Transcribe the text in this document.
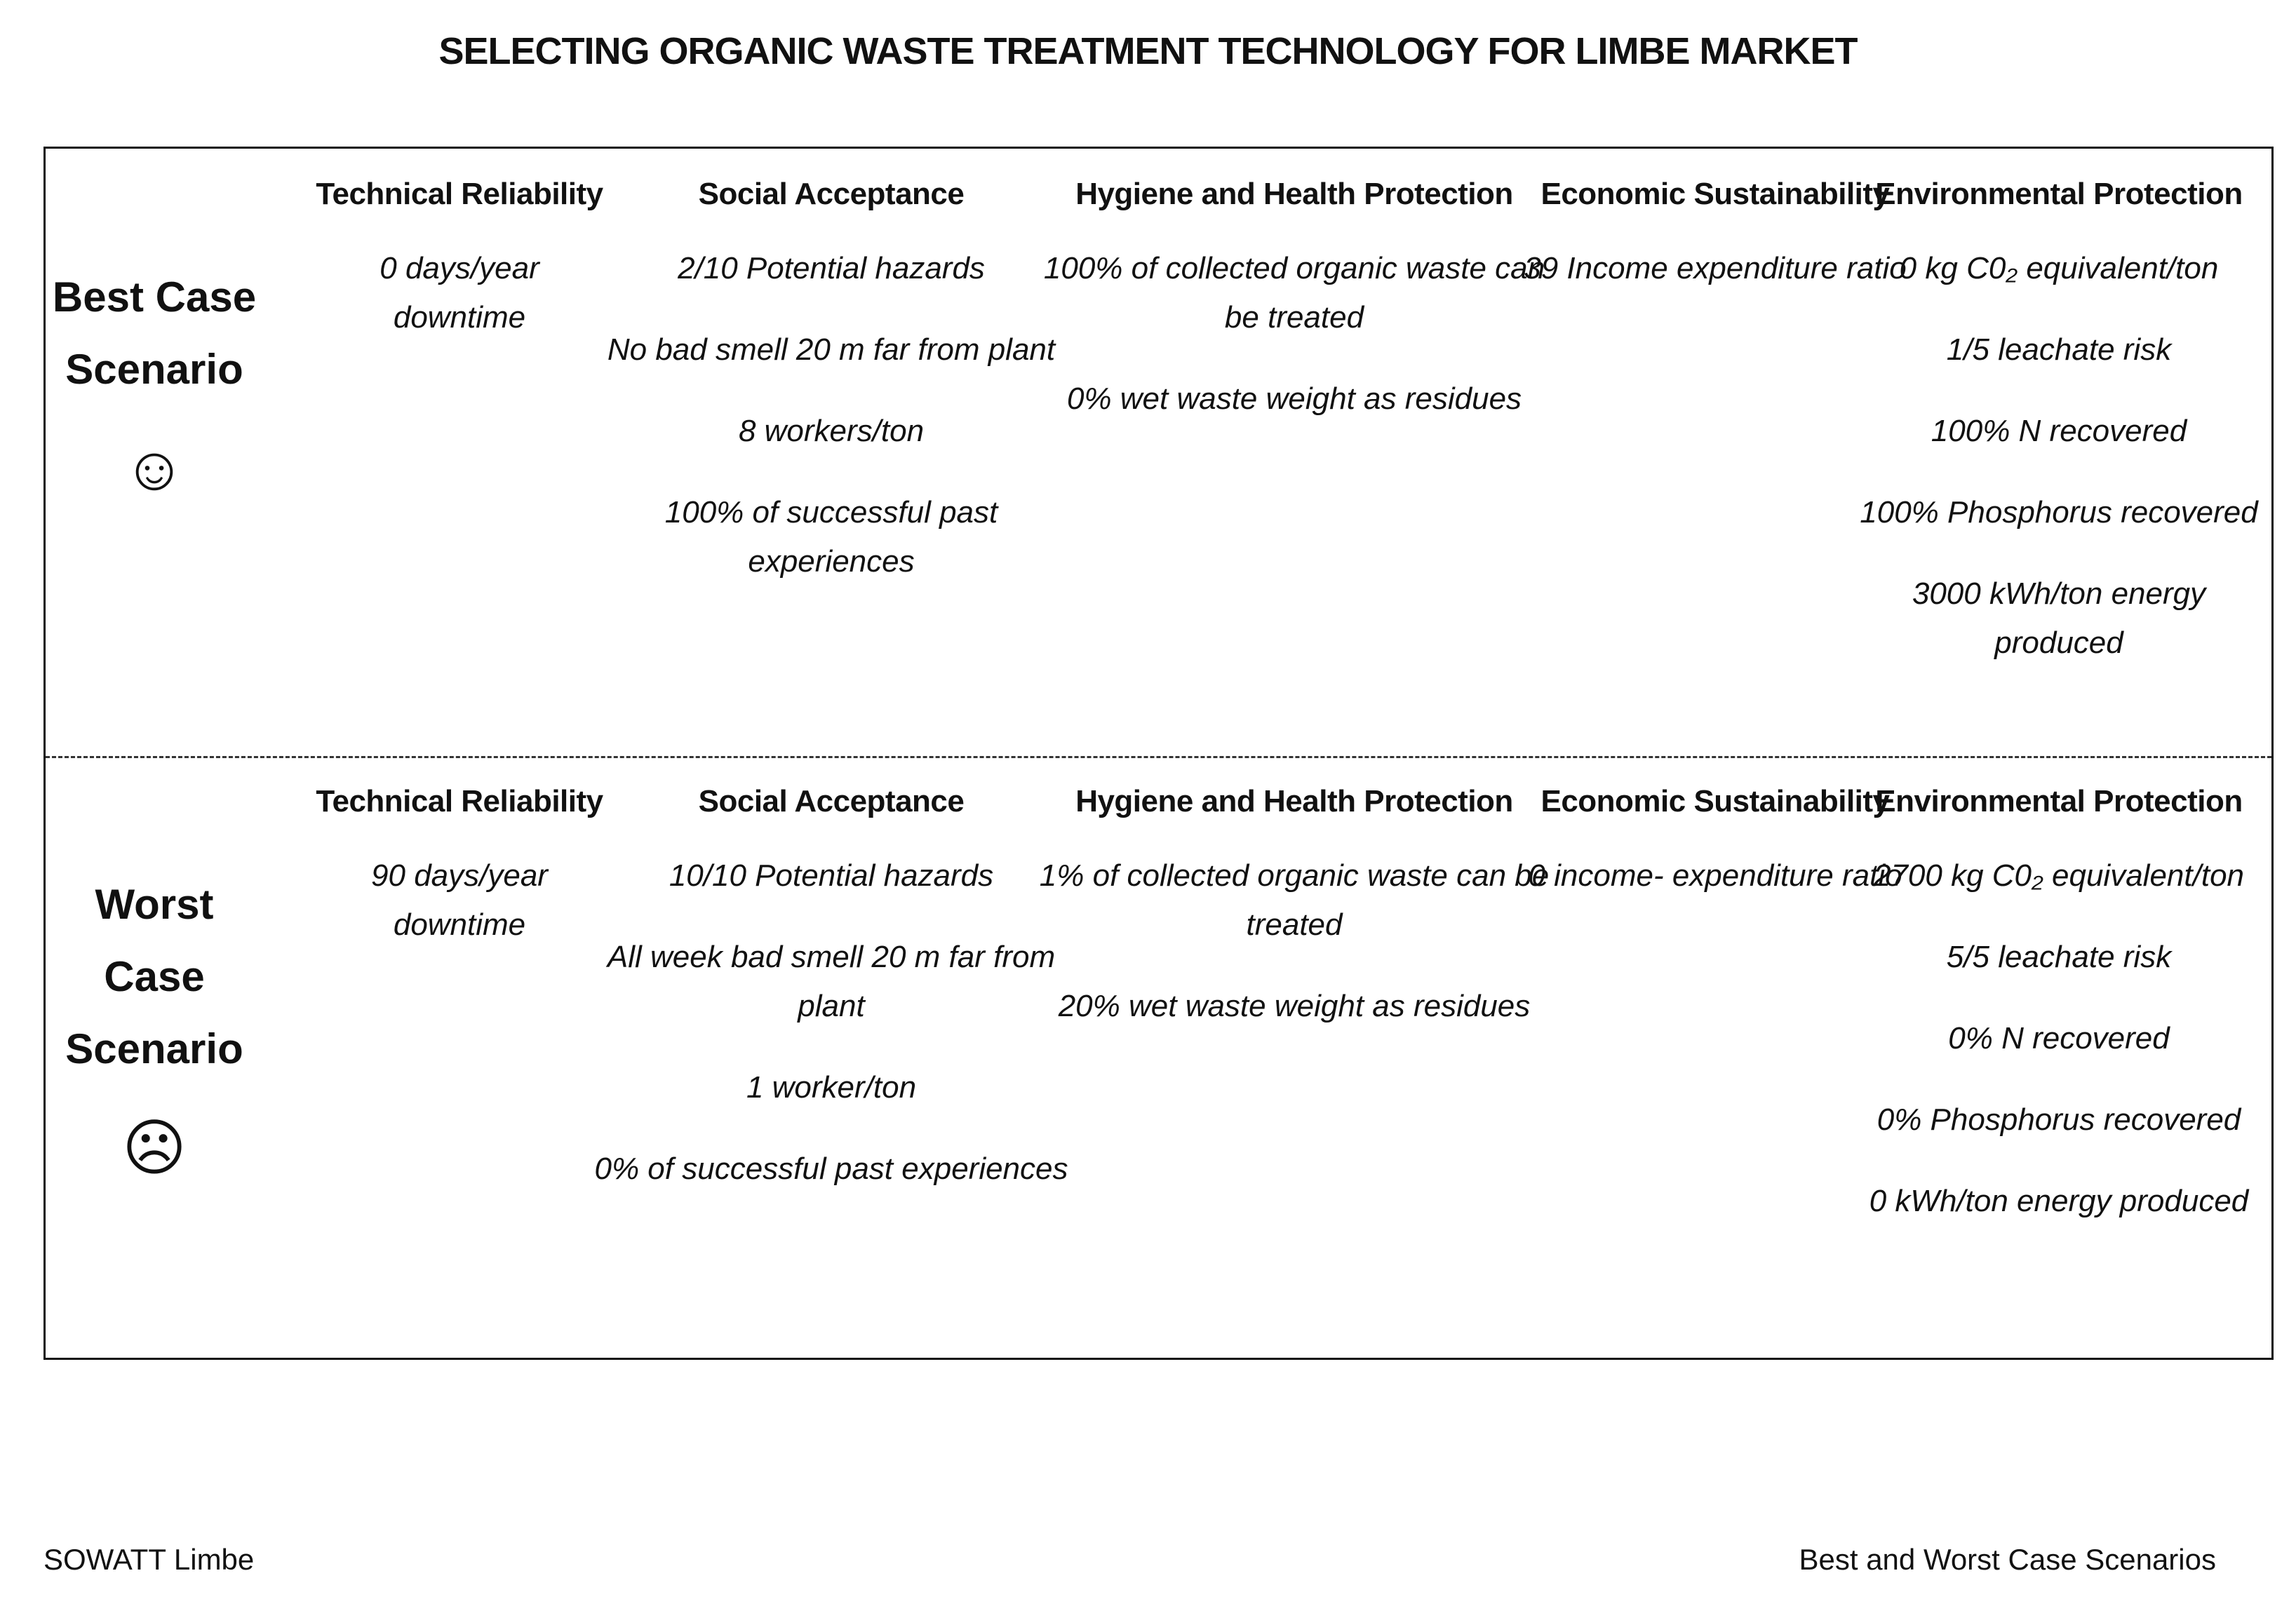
SELECTING ORGANIC WASTE TREATMENT TECHNOLOGY FOR LIMBE MARKET
Best Case Scenario
☺
Technical Reliability
0 days/year downtime
Social Acceptance
2/10 Potential hazards
No bad smell 20 m far from plant
8 workers/ton
100% of successful past experiences
Hygiene and Health Protection
100% of collected organic waste can be treated
0% wet waste weight as residues
Economic Sustainability
39 Income expenditure ratio
Environmental Protection
0 kg C0₂ equivalent/ton
1/5 leachate risk
100% N recovered
100% Phosphorus recovered
3000 kWh/ton energy produced
Worst Case Scenario
☹
Technical Reliability
90 days/year downtime
Social Acceptance
10/10 Potential hazards
All week bad smell 20 m far from plant
1 worker/ton
0% of successful past experiences
Hygiene and Health Protection
1% of collected organic waste can be treated
20% wet waste weight as residues
Economic Sustainability
0 income- expenditure ratio
Environmental Protection
2700 kg C0₂ equivalent/ton
5/5 leachate risk
0% N recovered
0% Phosphorus recovered
0 kWh/ton energy produced
SOWATT Limbe	Best and Worst Case Scenarios
